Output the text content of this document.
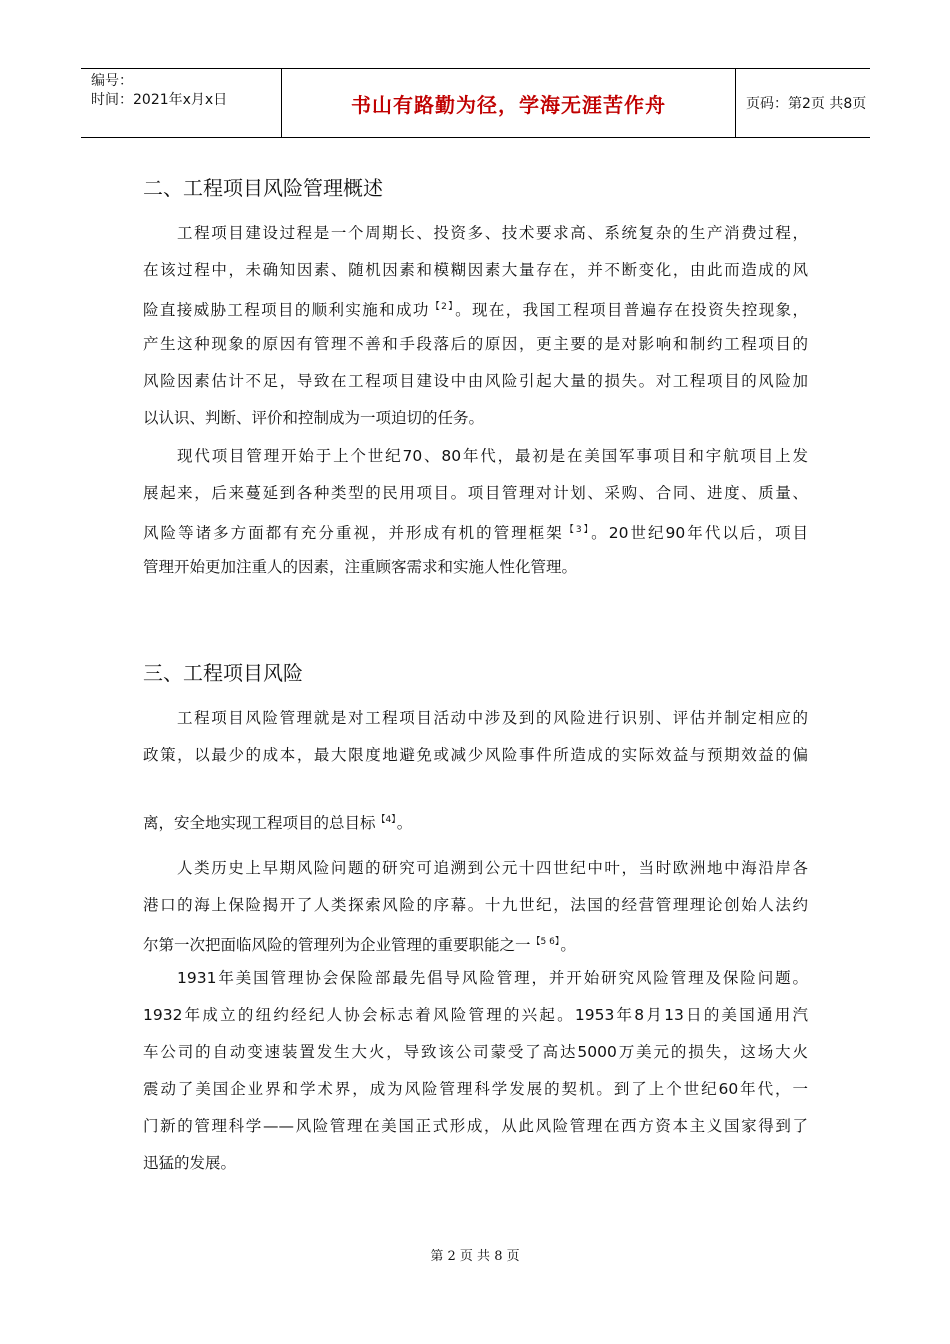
编号：
时间：2021年x月x日	书山有路勤为径，学海无涯苦作舟	页码：第2页 共8页
二、工程项目风险管理概述
工程项目建设过程是一个周期长、投资多、技术要求高、系统复杂的生产消费过程，
在该过程中，未确知因素、随机因素和模糊因素大量存在，并不断变化，由此而造成的风
险直接威胁工程项目的顺利实施和成功$^{【2】}$。现在，我国工程项目普遍存在投资失控现象，
产生这种现象的原因有管理不善和手段落后的原因，更主要的是对影响和制约工程项目的
风险因素估计不足，导致在工程项目建设中由风险引起大量的损失。对工程项目的风险加
以认识、判断、评价和控制成为一项迫切的任务。
现代项目管理开始于上个世纪70、80年代，最初是在美国军事项目和宇航项目上发
展起来，后来蔓延到各种类型的民用项目。项目管理对计划、采购、合同、进度、质量、
风险等诸多方面都有充分重视，并形成有机的管理框架$^{【3】}$。20世纪90年代以后，项目
管理开始更加注重人的因素，注重顾客需求和实施人性化管理。
三、工程项目风险
工程项目风险管理就是对工程项目活动中涉及到的风险进行识别、评估并制定相应的
政策，以最少的成本，最大限度地避免或减少风险事件所造成的实际效益与预期效益的偏
离，安全地实现工程项目的总目标$^{【4】}$。
人类历史上早期风险问题的研究可追溯到公元十四世纪中叶，当时欧洲地中海沿岸各
港口的海上保险揭开了人类探索风险的序幕。十九世纪，法国的经营管理理论创始人法约
尔第一次把面临风险的管理列为企业管理的重要职能之一$^{【5 6】}$。
1931年美国管理协会保险部最先倡导风险管理，并开始研究风险管理及保险问题。
1932年成立的纽约经纪人协会标志着风险管理的兴起。1953年8月13日的美国通用汽
车公司的自动变速装置发生大火，导致该公司蒙受了高达5000万美元的损失，这场大火
震动了美国企业界和学术界，成为风险管理科学发展的契机。到了上个世纪60年代，一
门新的管理科学——风险管理在美国正式形成，从此风险管理在西方资本主义国家得到了
迅猛的发展。
第 2 页 共 8 页
